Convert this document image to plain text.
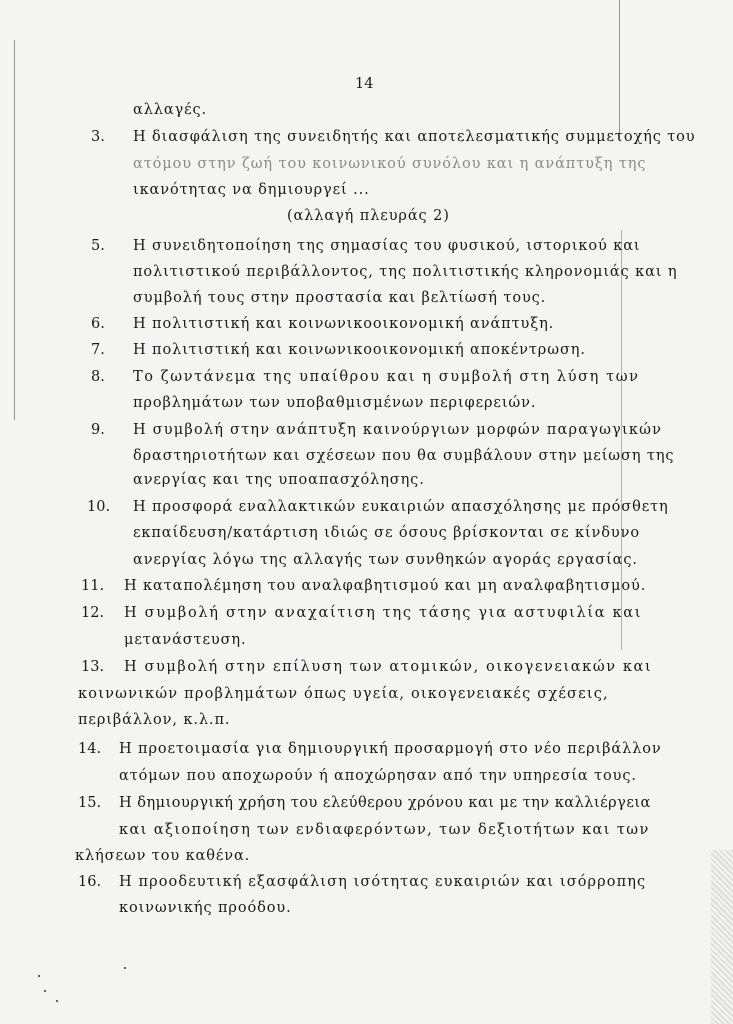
14
αλλαγές.
3. Η διασφάλιση της συνειδητής και αποτελεσματικής συμμετοχής του
ατόμου στην ζωή του κοινωνικού συνόλου και η ανάπτυξη της
ικανότητας να δημιουργεί ...
(αλλαγή πλευράς 2)
5. Η συνειδητοποίηση της σημασίας του φυσικού, ιστορικού και
πολιτιστικού περιβάλλοντος, της πολιτιστικής κληρονομιάς και η
συμβολή τους στην προστασία και βελτίωσή τους.
6. Η πολιτιστική και κοινωνικοοικονομική ανάπτυξη.
7. Η πολιτιστική και κοινωνικοοικονομική αποκέντρωση.
8. Το ζωντάνεμα της υπαίθρου και η συμβολή στη λύση των
προβλημάτων των υποβαθμισμένων περιφερειών.
9. Η συμβολή στην ανάπτυξη καινούργιων μορφών παραγωγικών
δραστηριοτήτων και σχέσεων που θα συμβάλουν στην μείωση της
ανεργίας και της υποαπασχόλησης.
10. Η προσφορά εναλλακτικών ευκαιριών απασχόλησης με πρόσθετη
εκπαίδευση/κατάρτιση ιδιώς σε όσους βρίσκονται σε κίνδυνο
ανεργίας λόγω της αλλαγής των συνθηκών αγοράς εργασίας.
11. Η καταπολέμηση του αναλφαβητισμού και μη αναλφαβητισμού.
12. Η συμβολή στην αναχαίτιση της τάσης για αστυφιλία και
μετανάστευση.
13. Η συμβολή στην επίλυση των ατομικών, οικογενειακών και
κοινωνικών προβλημάτων όπως υγεία, οικογενειακές σχέσεις,
περιβάλλον, κ.λ.π.
14. Η προετοιμασία για δημιουργική προσαρμογή στο νέο περιβάλλον
ατόμων που αποχωρούν ή αποχώρησαν από την υπηρεσία τους.
15. Η δημιουργική χρήση του ελεύθερου χρόνου και με την καλλιέργεια
και αξιοποίηση των ενδιαφερόντων, των δεξιοτήτων και των
κλήσεων του καθένα.
16. Η προοδευτική εξασφάλιση ισότητας ευκαιριών και ισόρροπης
κοινωνικής προόδου.
